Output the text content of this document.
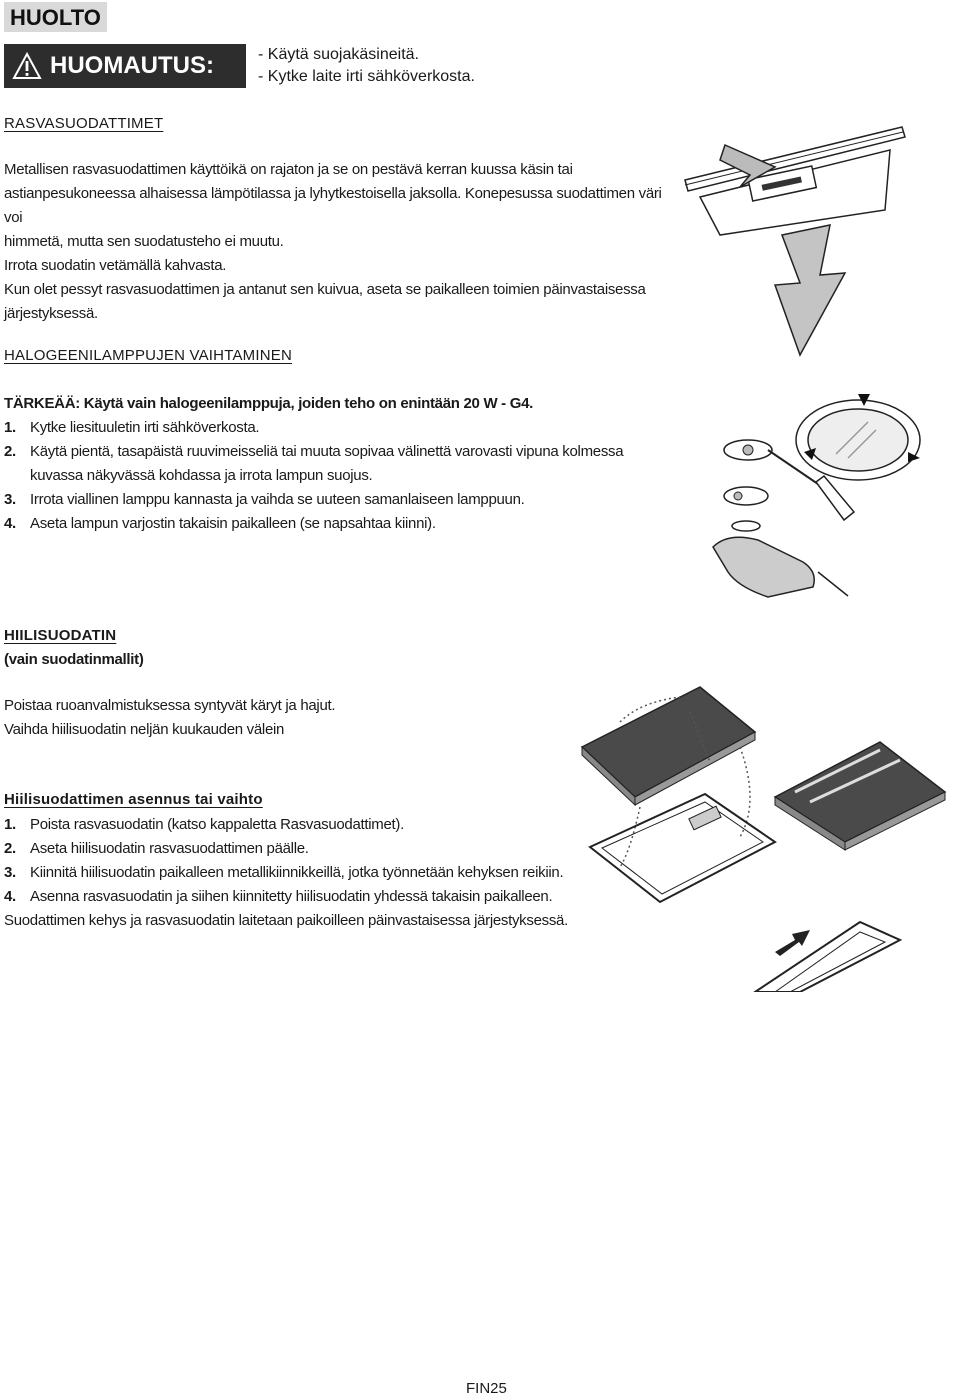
HUOLTO
HUOMAUTUS:	- Käytä suojakäsineitä.
- Kytke laite irti sähköverkosta.
RASVASUODATTIMET

Metallisen rasvasuodattimen käyttöikä on rajaton ja se on pestävä kerran kuussa käsin tai

astianpesukoneessa alhaisessa lämpötilassa ja lyhytkestoisella jaksolla. Konepesussa suodattimen väri voi

himmetä, mutta sen suodatusteho ei muutu.

Irrota suodatin vetämällä kahvasta.

Kun olet pessyt rasvasuodattimen ja antanut sen kuivua, aseta se paikalleen toimien päinvastaisessa

järjestyksessä.

HALOGEENILAMPPUJEN VAIHTAMINEN
TÄRKEÄÄ: Käytä vain halogeenilamppuja, joiden teho on enintään 20 W - G4.

1. Kytke liesituuletin irti sähköverkosta.

2. Käytä pientä, tasapäistä ruuvimeisseliä tai muuta sopivaa välinettä varovasti vipuna kolmessa

kuvassa näkyvässä kohdassa ja irrota lampun suojus.

3. Irrota viallinen lamppu kannasta ja vaihda se uuteen samanlaiseen lamppuun.

4. Aseta lampun varjostin takaisin paikalleen (se napsahtaa kiinni).

HIILISUODATIN
(vain suodatinmallit)

Poistaa ruoanvalmistuksessa syntyvät käryt ja hajut.

Vaihda hiilisuodatin neljän kuukauden välein

Hiilisuodattimen asennus tai vaihto

1. Poista rasvasuodatin (katso kappaletta Rasvasuodattimet).

2. Aseta hiilisuodatin rasvasuodattimen päälle.

3. Kiinnitä hiilisuodatin paikalleen metallikiinnikkeillä, jotka työnnetään kehyksen reikiin.

4. Asenna rasvasuodatin ja siihen kiinnitetty hiilisuodatin yhdessä takaisin paikalleen.

Suodattimen kehys ja rasvasuodatin laitetaan paikoilleen päinvastaisessa järjestyksessä.

FIN25
